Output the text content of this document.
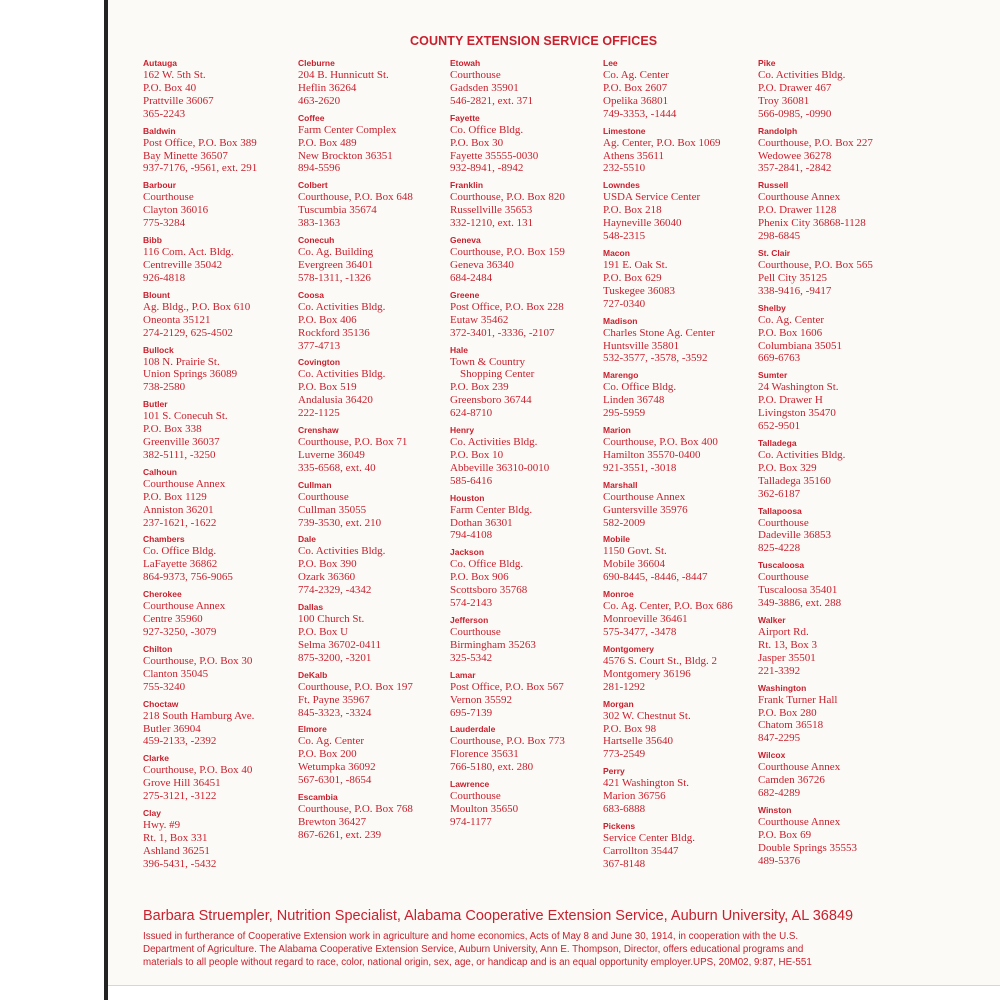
COUNTY EXTENSION SERVICE OFFICES
Autauga
162 W. 5th St.
P.O. Box 40
Prattville 36067
365-2243
Baldwin
Post Office, P.O. Box 389
Bay Minette 36507
937-7176, -9561, ext. 291
Barbour
Courthouse
Clayton 36016
775-3284
Bibb
116 Com. Act. Bldg.
Centreville 35042
926-4818
Blount
Ag. Bldg., P.O. Box 610
Oneonta 35121
274-2129, 625-4502
Bullock
108 N. Prairie St.
Union Springs 36089
738-2580
Butler
101 S. Conecuh St.
P.O. Box 338
Greenville 36037
382-5111, -3250
Calhoun
Courthouse Annex
P.O. Box 1129
Anniston 36201
237-1621, -1622
Chambers
Co. Office Bldg.
LaFayette 36862
864-9373, 756-9065
Cherokee
Courthouse Annex
Centre 35960
927-3250, -3079
Chilton
Courthouse, P.O. Box 30
Clanton 35045
755-3240
Choctaw
218 South Hamburg Ave.
Butler 36904
459-2133, -2392
Clarke
Courthouse, P.O. Box 40
Grove Hill 36451
275-3121, -3122
Clay
Hwy. #9
Rt. 1, Box 331
Ashland 36251
396-5431, -5432
Cleburne
204 B. Hunnicutt St.
Heflin 36264
463-2620
Coffee
Farm Center Complex
P.O. Box 489
New Brockton 36351
894-5596
Colbert
Courthouse, P.O. Box 648
Tuscumbia 35674
383-1363
Conecuh
Co. Ag. Building
Evergreen 36401
578-1311, -1326
Coosa
Co. Activities Bldg.
P.O. Box 406
Rockford 35136
377-4713
Covington
Co. Activities Bldg.
P.O. Box 519
Andalusia 36420
222-1125
Crenshaw
Courthouse, P.O. Box 71
Luverne 36049
335-6568, ext. 40
Cullman
Courthouse
Cullman 35055
739-3530, ext. 210
Dale
Co. Activities Bldg.
P.O. Box 390
Ozark 36360
774-2329, -4342
Dallas
100 Church St.
P.O. Box U
Selma 36702-0411
875-3200, -3201
DeKalb
Courthouse, P.O. Box 197
Ft. Payne 35967
845-3323, -3324
Elmore
Co. Ag. Center
P.O. Box 200
Wetumpka 36092
567-6301, -8654
Escambia
Courthouse, P.O. Box 768
Brewton 36427
867-6261, ext. 239
Etowah
Courthouse
Gadsden 35901
546-2821, ext. 371
Fayette
Co. Office Bldg.
P.O. Box 30
Fayette 35555-0030
932-8941, -8942
Franklin
Courthouse, P.O. Box 820
Russellville 35653
332-1210, ext. 131
Geneva
Courthouse, P.O. Box 159
Geneva 36340
684-2484
Greene
Post Office, P.O. Box 228
Eutaw 35462
372-3401, -3336, -2107
Hale
Town & Country
Shopping Center
P.O. Box 239
Greensboro 36744
624-8710
Henry
Co. Activities Bldg.
P.O. Box 10
Abbeville 36310-0010
585-6416
Houston
Farm Center Bldg.
Dothan 36301
794-4108
Jackson
Co. Office Bldg.
P.O. Box 906
Scottsboro 35768
574-2143
Jefferson
Courthouse
Birmingham 35263
325-5342
Lamar
Post Office, P.O. Box 567
Vernon 35592
695-7139
Lauderdale
Courthouse, P.O. Box 773
Florence 35631
766-5180, ext. 280
Lawrence
Courthouse
Moulton 35650
974-1177
Lee
Co. Ag. Center
P.O. Box 2607
Opelika 36801
749-3353, -1444
Limestone
Ag. Center, P.O. Box 1069
Athens 35611
232-5510
Lowndes
USDA Service Center
P.O. Box 218
Hayneville 36040
548-2315
Macon
191 E. Oak St.
P.O. Box 629
Tuskegee 36083
727-0340
Madison
Charles Stone Ag. Center
Huntsville 35801
532-3577, -3578, -3592
Marengo
Co. Office Bldg.
Linden 36748
295-5959
Marion
Courthouse, P.O. Box 400
Hamilton 35570-0400
921-3551, -3018
Marshall
Courthouse Annex
Guntersville 35976
582-2009
Mobile
1150 Govt. St.
Mobile 36604
690-8445, -8446, -8447
Monroe
Co. Ag. Center, P.O. Box 686
Monroeville 36461
575-3477, -3478
Montgomery
4576 S. Court St., Bldg. 2
Montgomery 36196
281-1292
Morgan
302 W. Chestnut St.
P.O. Box 98
Hartselle 35640
773-2549
Perry
421 Washington St.
Marion 36756
683-6888
Pickens
Service Center Bldg.
Carrollton 35447
367-8148
Pike
Co. Activities Bldg.
P.O. Drawer 467
Troy 36081
566-0985, -0990
Randolph
Courthouse, P.O. Box 227
Wedowee 36278
357-2841, -2842
Russell
Courthouse Annex
P.O. Drawer 1128
Phenix City 36868-1128
298-6845
St. Clair
Courthouse, P.O. Box 565
Pell City 35125
338-9416, -9417
Shelby
Co. Ag. Center
P.O. Box 1606
Columbiana 35051
669-6763
Sumter
24 Washington St.
P.O. Drawer H
Livingston 35470
652-9501
Talladega
Co. Activities Bldg.
P.O. Box 329
Talladega 35160
362-6187
Tallapoosa
Courthouse
Dadeville 36853
825-4228
Tuscaloosa
Courthouse
Tuscaloosa 35401
349-3886, ext. 288
Walker
Airport Rd.
Rt. 13, Box 3
Jasper 35501
221-3392
Washington
Frank Turner Hall
P.O. Box 280
Chatom 36518
847-2295
Wilcox
Courthouse Annex
Camden 36726
682-4289
Winston
Courthouse Annex
P.O. Box 69
Double Springs 35553
489-5376
Barbara Struempler, Nutrition Specialist, Alabama Cooperative Extension Service, Auburn University, AL 36849
Issued in furtherance of Cooperative Extension work in agriculture and home economics, Acts of May 8 and June 30, 1914, in cooperation with the U.S.
Department of Agriculture. The Alabama Cooperative Extension Service, Auburn University, Ann E. Thompson, Director, offers educational programs and
materials to all people without regard to race, color, national origin, sex, age, or handicap and is an equal opportunity employer.UPS, 20M02, 9:87, HE-551
